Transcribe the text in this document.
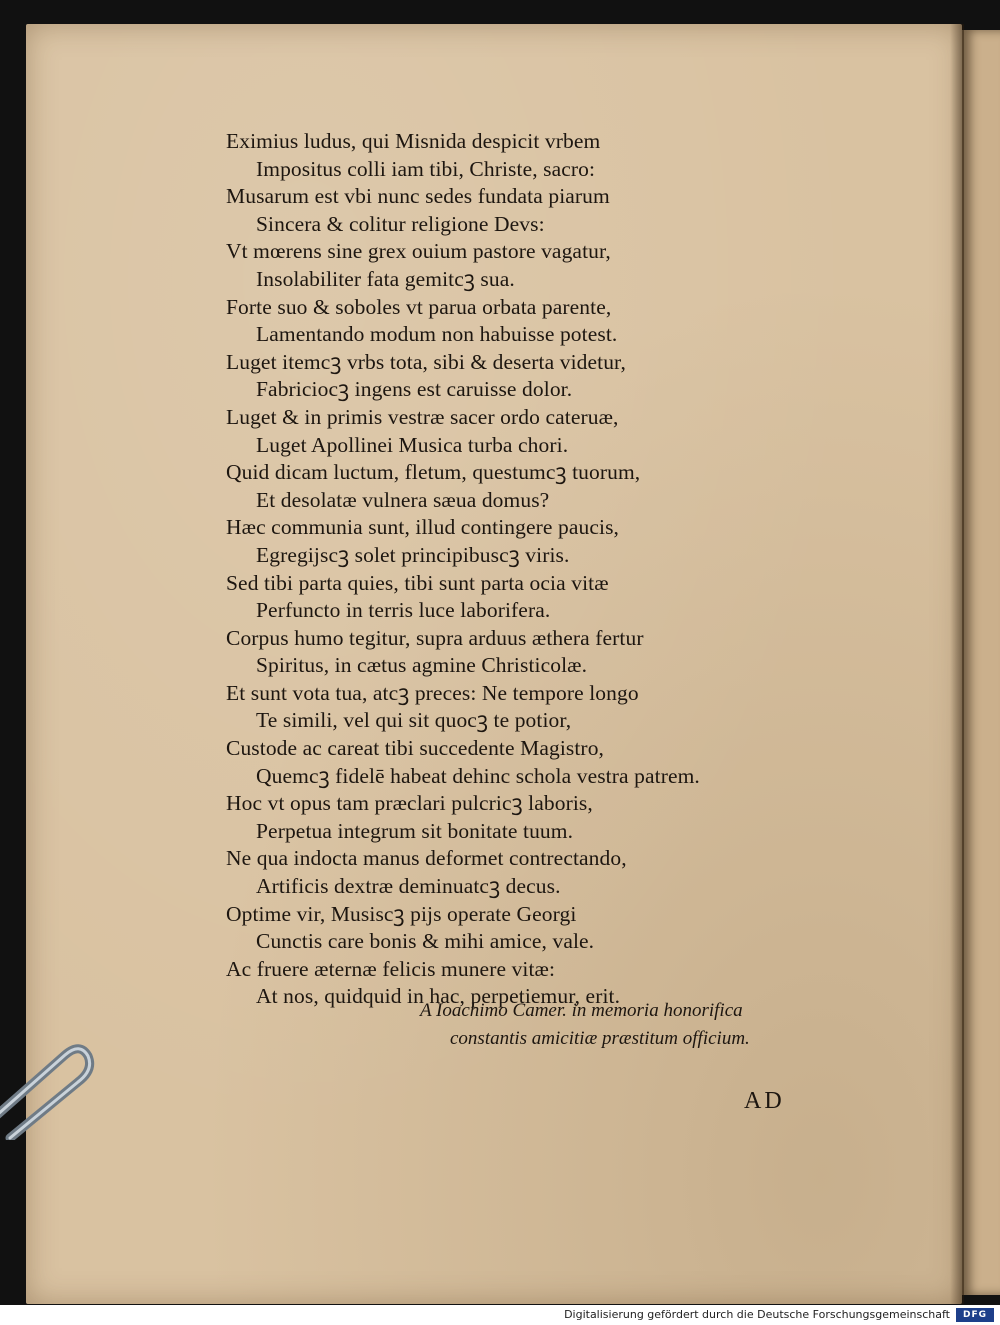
Eximius ludus, qui Misnida despicit vrbem
Impositus colli iam tibi, Christe, sacro:
Musarum est vbi nunc sedes fundata piarum
Sincera & colitur religione Devs:
Vt mœrens sine grex ouium pastore vagatur,
Insolabiliter fata gemitcꝫ sua.
Forte suo & soboles vt parua orbata parente,
Lamentando modum non habuisse potest.
Luget itemcꝫ vrbs tota, sibi & deserta videtur,
Fabriciocꝫ ingens est caruisse dolor.
Luget & in primis vestræ sacer ordo cateruæ,
Luget Apollinei Musica turba chori.
Quid dicam luctum, fletum, questumcꝫ tuorum,
Et desolatæ vulnera sæua domus?
Hæc communia sunt, illud contingere paucis,
Egregijscꝫ solet principibuscꝫ viris.
Sed tibi parta quies, tibi sunt parta ocia vitæ
Perfuncto in terris luce laborifera.
Corpus humo tegitur, supra arduus æthera fertur
Spiritus, in cætus agmine Christicolæ.
Et sunt vota tua, atcꝫ preces: Ne tempore longo
Te simili, vel qui sit quocꝫ te potior,
Custode ac careat tibi succedente Magistro,
Quemcꝫ fidelē habeat dehinc schola vestra patrem.
Hoc vt opus tam præclari pulcricꝫ laboris,
Perpetua integrum sit bonitate tuum.
Ne qua indocta manus deformet contrectando,
Artificis dextræ deminuatcꝫ decus.
Optime vir, Musiscꝫ pijs operate Georgi
Cunctis care bonis & mihi amice, vale.
Ac fruere æternæ felicis munere vitæ:
At nos, quidquid in hac, perpetiemur, erit.
A Ioachimo Camer. in memoria honorifica
constantis amicitiæ præstitum officium.
AD
Digitalisierung gefördert durch die Deutsche Forschungsgemeinschaft	DFG
